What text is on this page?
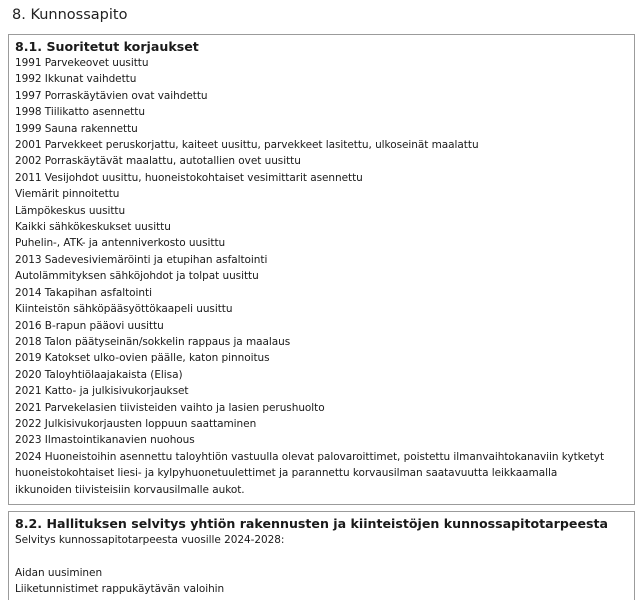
8. Kunnossapito
8.1. Suoritetut korjaukset
1991 Parvekeovet uusittu
1992 Ikkunat vaihdettu
1997 Porraskäytävien ovat vaihdettu
1998 Tiilikatto asennettu
1999 Sauna rakennettu
2001 Parvekkeet peruskorjattu, kaiteet uusittu, parvekkeet lasitettu, ulkoseinät maalattu
2002 Porraskäytävät maalattu, autotallien ovet uusittu
2011 Vesijohdot uusittu, huoneistokohtaiset vesimittarit asennettu
Viemärit pinnoitettu
Lämpökeskus uusittu
Kaikki sähkökeskukset uusittu
Puhelin-, ATK- ja antenniverkosto uusittu
2013 Sadevesiviemäröinti ja etupihan asfaltointi
Autolämmityksen sähköjohdot ja tolpat uusittu
2014 Takapihan asfaltointi
Kiinteistön sähköpääsyöttökaapeli uusittu
2016 B-rapun pääovi uusittu
2018 Talon päätyseinän/sokkelin rappaus ja maalaus
2019 Katokset ulko-ovien päälle, katon pinnoitus
2020 Taloyhtiölaajakaista (Elisa)
2021 Katto- ja julkisivukorjaukset
2021 Parvekelasien tiivisteiden vaihto ja lasien perushuolto
2022 Julkisivukorjausten loppuun saattaminen
2023 Ilmastointikanavien nuohous
2024 Huoneistoihin asennettu taloyhtiön vastuulla olevat palovaroittimet, poistettu ilmanvaihtokanaviin kytketyt
huoneistokohtaiset liesi- ja kylpyhuonetuulettimet ja parannettu korvausilman saatavuutta leikkaamalla
ikkunoiden tiivisteisiin korvausilmalle aukot.
8.2. Hallituksen selvitys yhtiön rakennusten ja kiinteistöjen kunnossapitotarpeesta
Selvitys kunnossapitotarpeesta vuosille 2024-2028:
Aidan uusiminen
Liiketunnistimet rappukäytävän valoihin
